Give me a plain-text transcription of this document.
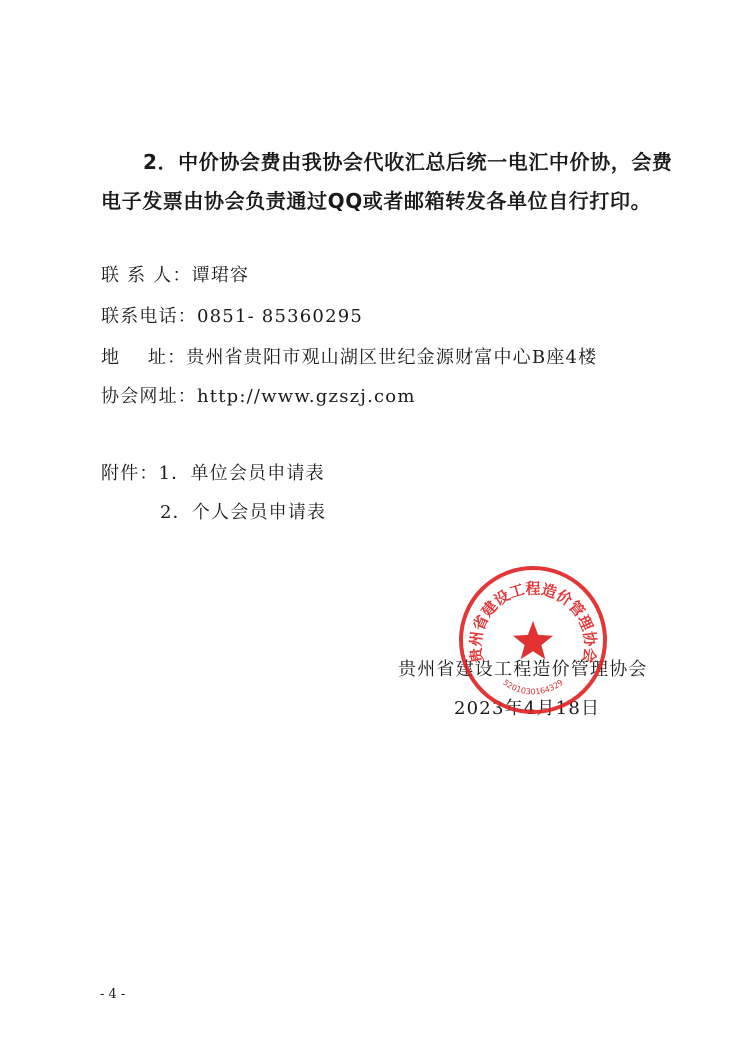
2．中价协会费由我协会代收汇总后统一电汇中价协，会费
电子发票由协会负责通过QQ或者邮箱转发各单位自行打印。
联 系 人：谭珺容
联系电话：0851- 85360295
地    址：贵州省贵阳市观山湖区世纪金源财富中心B座4楼
协会网址：http://www.gzszj.com
附件：1．单位会员申请表
2．个人会员申请表
贵州省建设工程造价管理协会
2023年4月18日
贵州省建设工程造价管理协会
5201030164329
- 4 -
